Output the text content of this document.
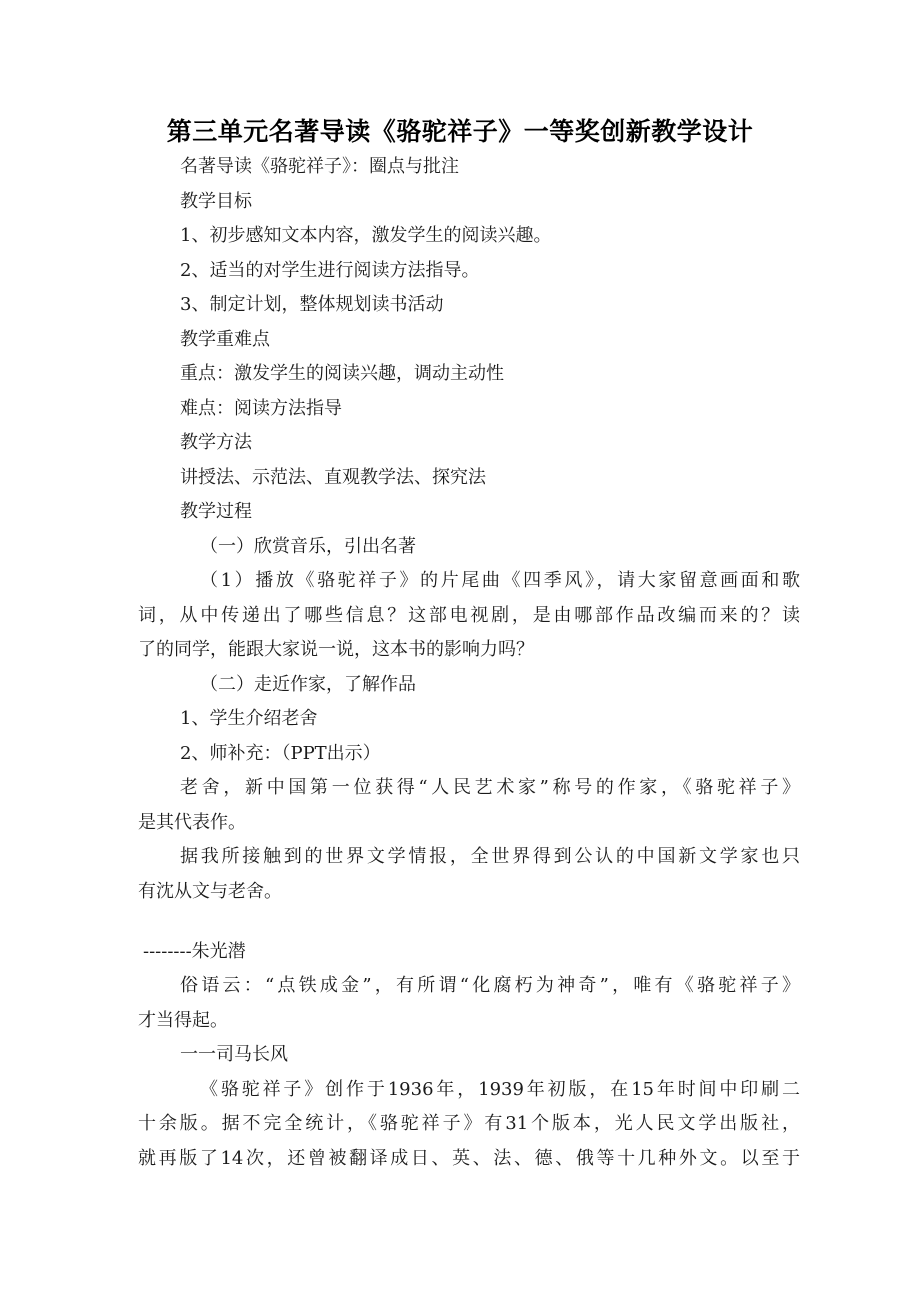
第三单元名著导读《骆驼祥子》一等奖创新教学设计
名著导读《骆驼祥子》：圈点与批注
教学目标
1、初步感知文本内容，激发学生的阅读兴趣。
2、适当的对学生进行阅读方法指导。
3、制定计划，整体规划读书活动
教学重难点
重点：激发学生的阅读兴趣，调动主动性
难点：阅读方法指导
教学方法
讲授法、示范法、直观教学法、探究法
教学过程
（一）欣赏音乐，引出名著
（1）播放《骆驼祥子》的片尾曲《四季风》，请大家留意画面和歌
词，从中传递出了哪些信息？这部电视剧，是由哪部作品改编而来的？读
了的同学，能跟大家说一说，这本书的影响力吗？
（二）走近作家，了解作品
1、学生介绍老舍
2、师补充：（PPT出示）
老舍，新中国第一位获得“人民艺术家”称号的作家，《骆驼祥子》
是其代表作。
据我所接触到的世界文学情报，全世界得到公认的中国新文学家也只
有沈从文与老舍。
--------朱光潜
俗语云：“点铁成金”，有所谓“化腐朽为神奇”，唯有《骆驼祥子》
才当得起。
一一司马长风
《骆驼祥子》创作于1936年，1939年初版，在15年时间中印刷二
十余版。据不完全统计，《骆驼祥子》有31个版本，光人民文学出版社，
就再版了14次，还曾被翻译成日、英、法、德、俄等十几种外文。以至于
